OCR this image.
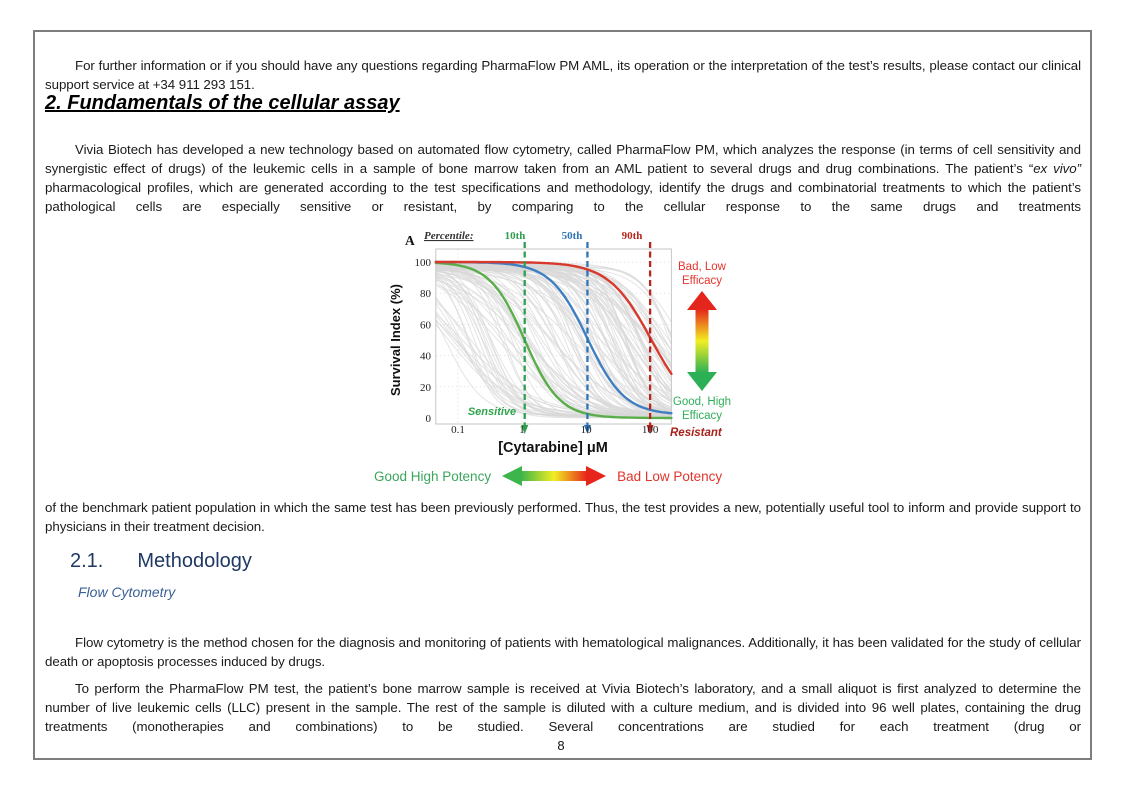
For further information or if you should have any questions regarding PharmaFlow PM AML, its operation or the interpretation of the test’s results, please contact our clinical support service at +34 911 293 151.

2. Fundamentals of the cellular assay

Vivia Biotech has developed a new technology based on automated flow cytometry, called PharmaFlow PM, which analyzes the response (in terms of cell sensitivity and synergistic effect of drugs) of the leukemic cells in a sample of bone marrow taken from an AML patient to several drugs and drug combinations. The patient’s “ex vivo” pharmacological profiles, which are generated according to the test specifications and methodology, identify the drugs and combinatorial treatments to which the patient’s pathological cells are especially sensitive or resistant, by comparing to the cellular response to the same drugs and treatments

0
20
40
60
80
100
0.1	1	10	100
A Percentile:	10th	50th	90th
Survival Index (%)
[Cytarabine] μM
Sensitive
Resistant
Bad, Low
Efficacy
Good, High
Efficacy
Good High Potency	Bad Low Potency

of the benchmark patient population in which the same test has been previously performed. Thus, the test provides a new, potentially useful tool to inform and provide support to physicians in their treatment decision.

2.1. Methodology
Flow Cytometry

Flow cytometry is the method chosen for the diagnosis and monitoring of patients with hematological malignances. Additionally, it has been validated for the study of cellular death or apoptosis processes induced by drugs.

To perform the PharmaFlow PM test, the patient’s bone marrow sample is received at Vivia Biotech’s laboratory, and a small aliquot is first analyzed to determine the number of live leukemic cells (LLC) present in the sample. The rest of the sample is diluted with a culture medium, and is divided into 96 well plates, containing the drug treatments (monotherapies and combinations) to be studied. Several concentrations are studied for each treatment (drug or

8
